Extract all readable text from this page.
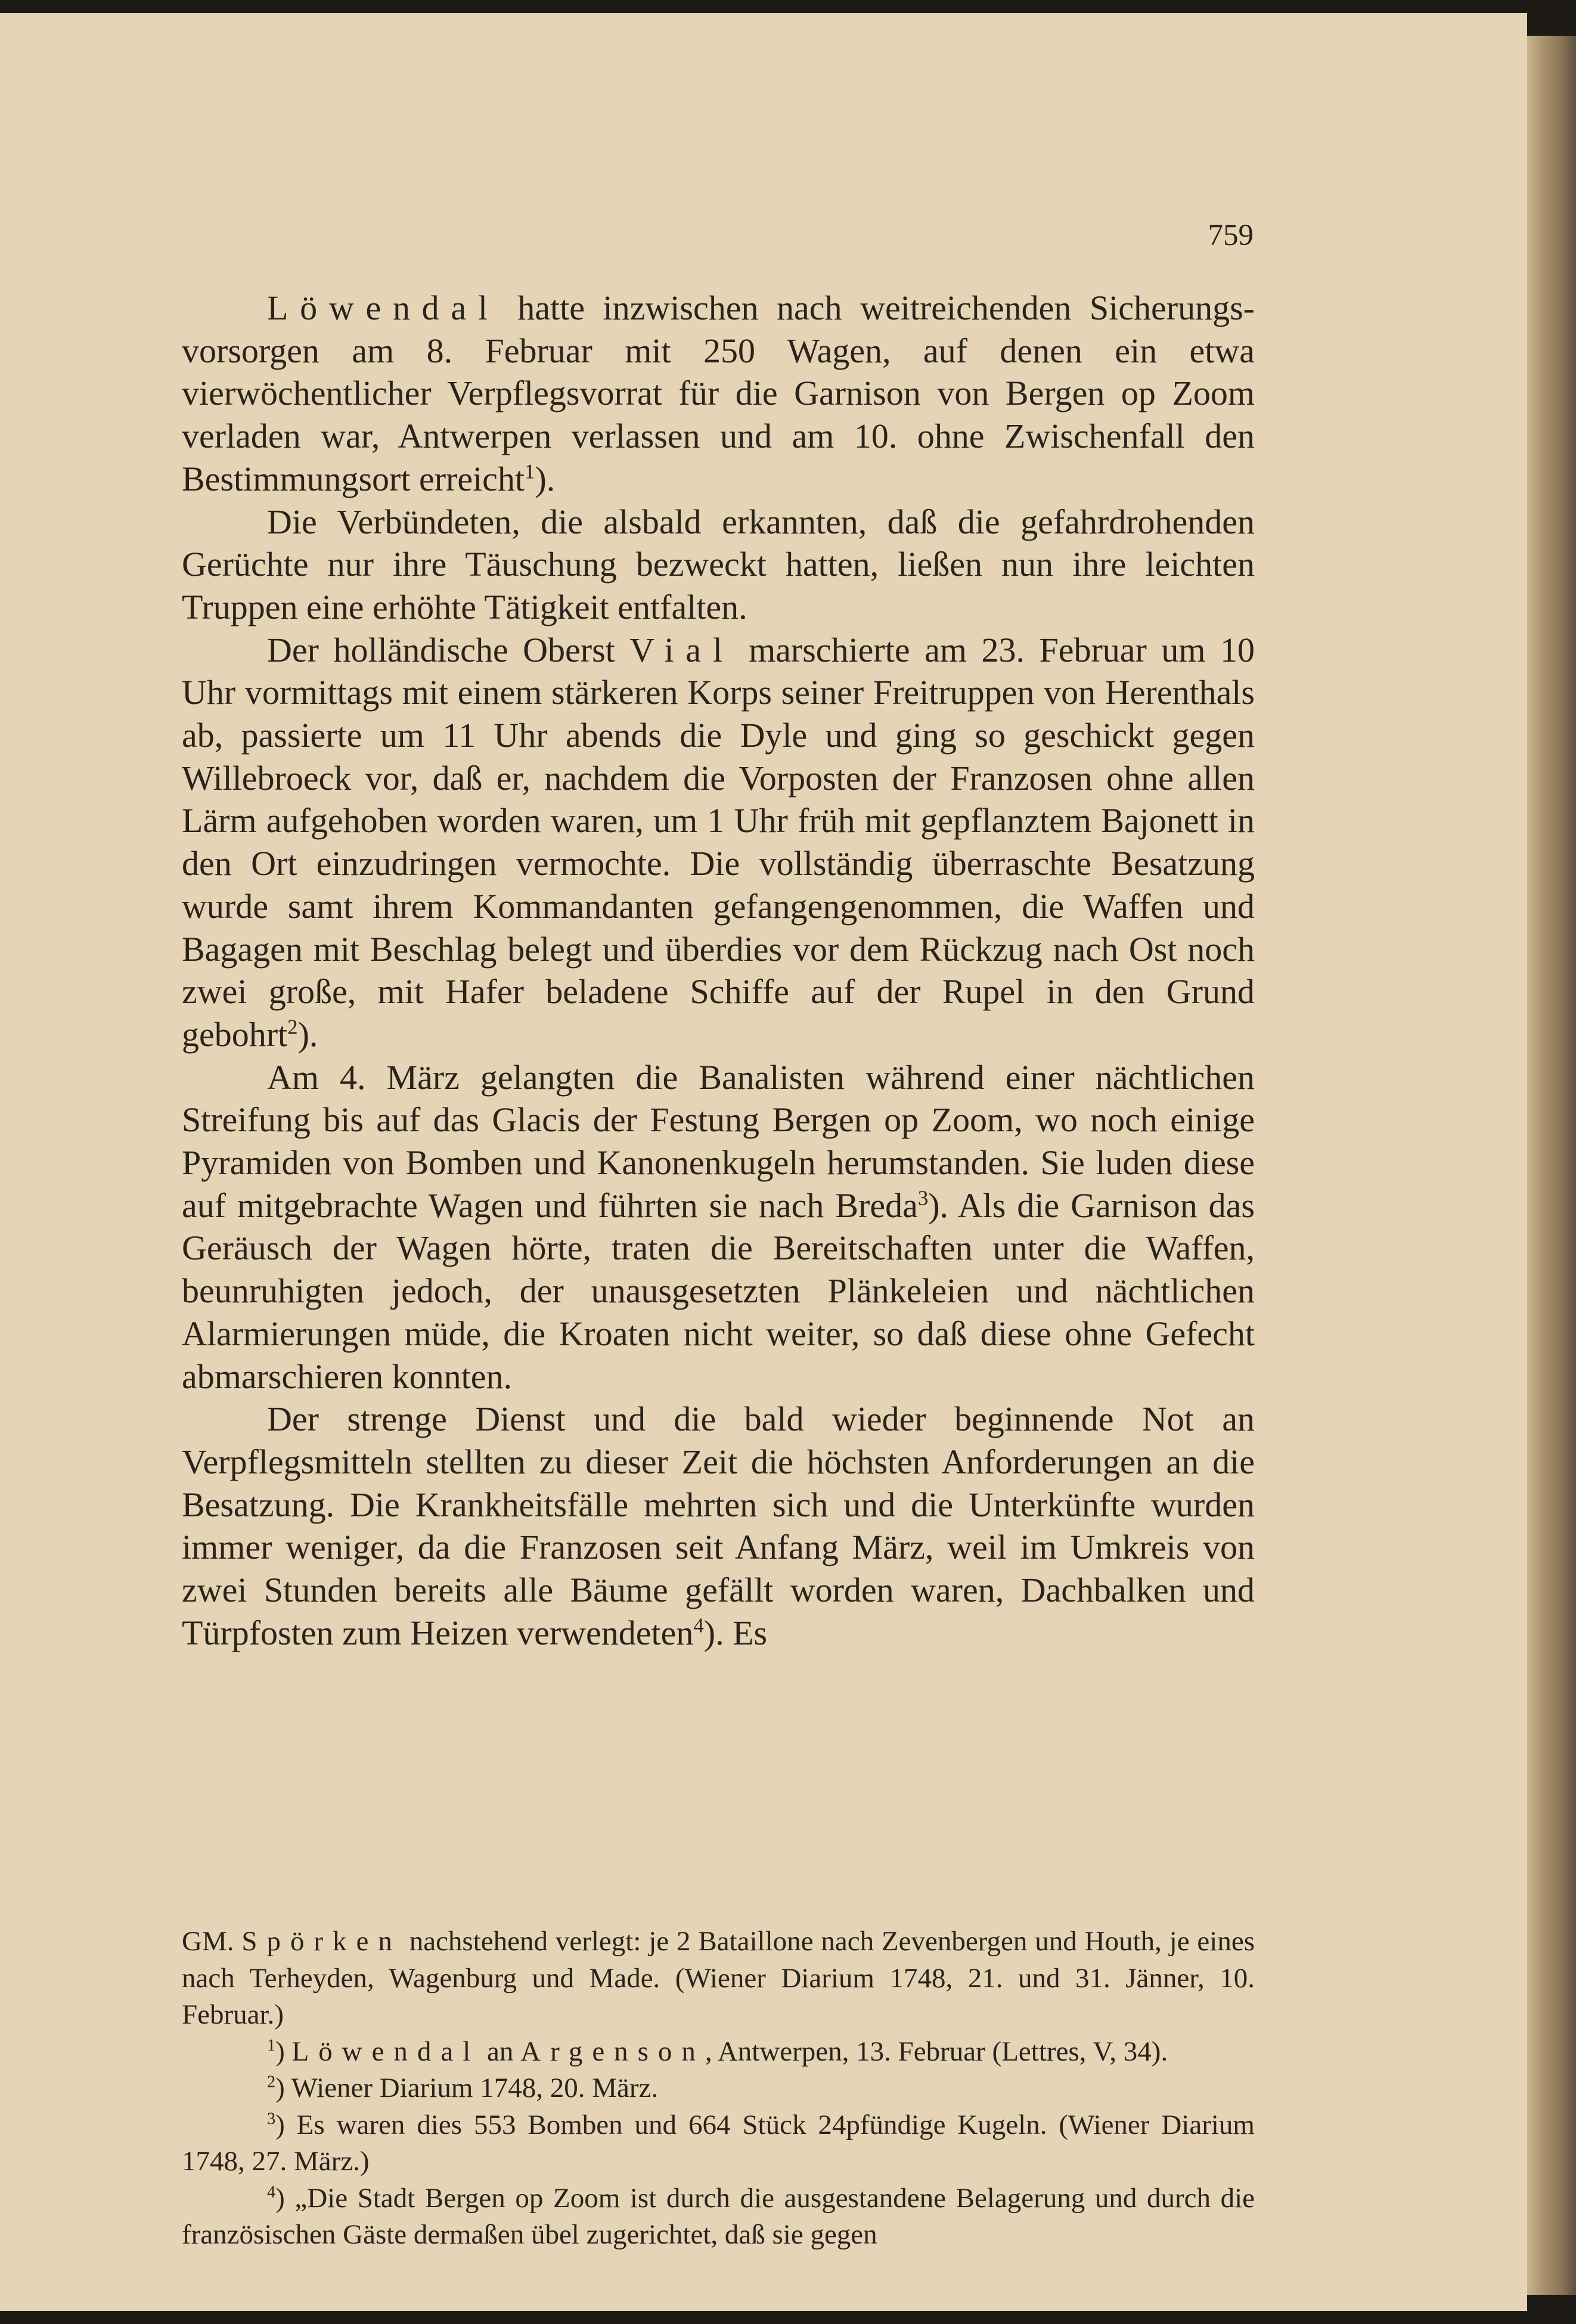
759

Löwendal hatte inzwischen nach weitreichenden Sicherungsvorsorgen am 8. Februar mit 250 Wagen, auf denen ein etwa vierwöchentlicher Verpflegsvorrat für die Garnison von Bergen op Zoom verladen war, Antwerpen verlassen und am 10. ohne Zwischenfall den Bestimmungsort erreicht$^1$).

Die Verbündeten, die alsbald erkannten, daß die gefahrdrohenden Gerüchte nur ihre Täuschung bezweckt hatten, ließen nun ihre leichten Truppen eine erhöhte Tätigkeit entfalten.

Der holländische Oberst Vial marschierte am 23. Februar um 10 Uhr vormittags mit einem stärkeren Korps seiner Freitruppen von Herenthals ab, passierte um 11 Uhr abends die Dyle und ging so geschickt gegen Willebroeck vor, daß er, nachdem die Vorposten der Franzosen ohne allen Lärm aufgehoben worden waren, um 1 Uhr früh mit gepflanztem Bajonett in den Ort einzudringen vermochte. Die vollständig überraschte Besatzung wurde samt ihrem Kommandanten gefangengenommen, die Waffen und Bagagen mit Beschlag belegt und überdies vor dem Rückzug nach Ost noch zwei große, mit Hafer beladene Schiffe auf der Rupel in den Grund gebohrt$^2$).

Am 4. März gelangten die Banalisten während einer nächtlichen Streifung bis auf das Glacis der Festung Bergen op Zoom, wo noch einige Pyramiden von Bomben und Kanonenkugeln herumstanden. Sie luden diese auf mitgebrachte Wagen und führten sie nach Breda$^3$). Als die Garnison das Geräusch der Wagen hörte, traten die Bereitschaften unter die Waffen, beunruhigten jedoch, der unausgesetzten Plänkeleien und nächtlichen Alarmierungen müde, die Kroaten nicht weiter, so daß diese ohne Gefecht abmarschieren konnten.

Der strenge Dienst und die bald wieder beginnende Not an Verpflegsmitteln stellten zu dieser Zeit die höchsten Anforderungen an die Besatzung. Die Krankheitsfälle mehrten sich und die Unterkünfte wurden immer weniger, da die Franzosen seit Anfang März, weil im Umkreis von zwei Stunden bereits alle Bäume gefällt worden waren, Dachbalken und Türpfosten zum Heizen verwendeten$^4$). Es

GM. Spörken nachstehend verlegt: je 2 Bataillone nach Zevenbergen und Houth, je eines nach Terheyden, Wagenburg und Made. (Wiener Diarium 1748, 21. und 31. Jänner, 10. Februar.)

$^1$) Löwendal an Argenson, Antwerpen, 13. Februar (Lettres, V, 34).

$^2$) Wiener Diarium 1748, 20. März.

$^3$) Es waren dies 553 Bomben und 664 Stück 24pfündige Kugeln. (Wiener Diarium 1748, 27. März.)

$^4$) „Die Stadt Bergen op Zoom ist durch die ausgestandene Belagerung und durch die französischen Gäste dermaßen übel zugerichtet, daß sie gegen
